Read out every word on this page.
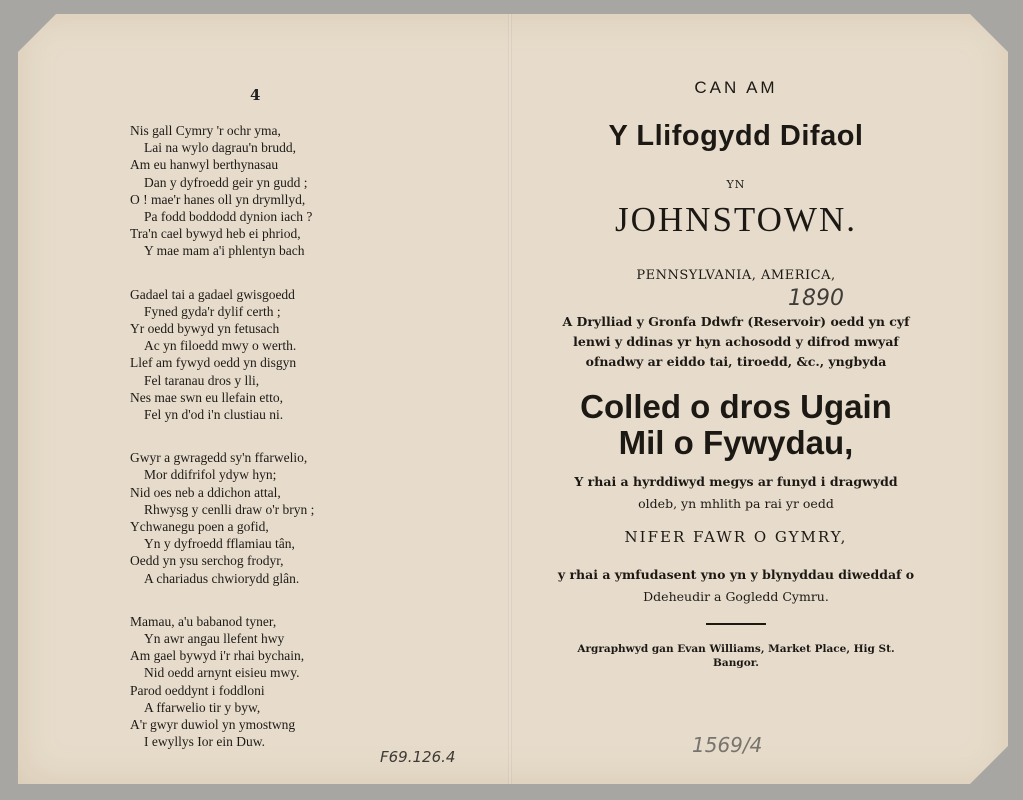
4
Nis gall Cymry 'r ochr yma,
Lai na wylo dagrau'n brudd,
Am eu hanwyl berthynasau
Dan y dyfroedd geir yn gudd ;
O ! mae'r hanes oll yn drymllyd,
Pa fodd boddodd dynion iach ?
Tra'n cael bywyd heb ei phriod,
Y mae mam a'i phlentyn bach
Gadael tai a gadael gwisgoedd
Fyned gyda'r dylif certh ;
Yr oedd bywyd yn fetusach
Ac yn filoedd mwy o werth.
Llef am fywyd oedd yn disgyn
Fel taranau dros y lli,
Nes mae swn eu llefain etto,
Fel yn d'od i'n clustiau ni.
Gwyr a gwragedd sy'n ffarwelio,
Mor ddifrifol ydyw hyn;
Nid oes neb a ddichon attal,
Rhwysg y cenlli draw o'r bryn ;
Ychwanegu poen a gofid,
Yn y dyfroedd fflamiau tân,
Oedd yn ysu serchog frodyr,
A chariadus chwiorydd glân.
Mamau, a'u babanod tyner,
Yn awr angau llefent hwy
Am gael bywyd i'r rhai bychain,
Nid oedd arnynt eisieu mwy.
Parod oeddynt i foddloni
A ffarwelio tir y byw,
A'r gwyr duwiol yn ymostwng
I ewyllys Ior ein Duw.
CAN AM
Y Llifogydd Difaol
YN
JOHNSTOWN.
PENNSYLVANIA, AMERICA,
1890
A Drylliad y Gronfa Ddwfr (Reservoir) oedd yn cyf
lenwi y ddinas yr hyn achosodd y difrod mwyaf
ofnadwy ar eiddo tai, tiroedd, &c., yngbyda
Colled o dros Ugain
Mil o Fywydau,
Y rhai a hyrddiwyd megys ar funyd i dragwydd
oldeb, yn mhlith pa rai yr oedd
NIFER FAWR O GYMRY,
y rhai a ymfudasent yno yn y blynyddau diweddaf o
Ddeheudir a Gogledd Cymru.
Argraphwyd gan Evan Williams, Market Place, Hig St.
Bangor.
F69.126.4	1569/4
